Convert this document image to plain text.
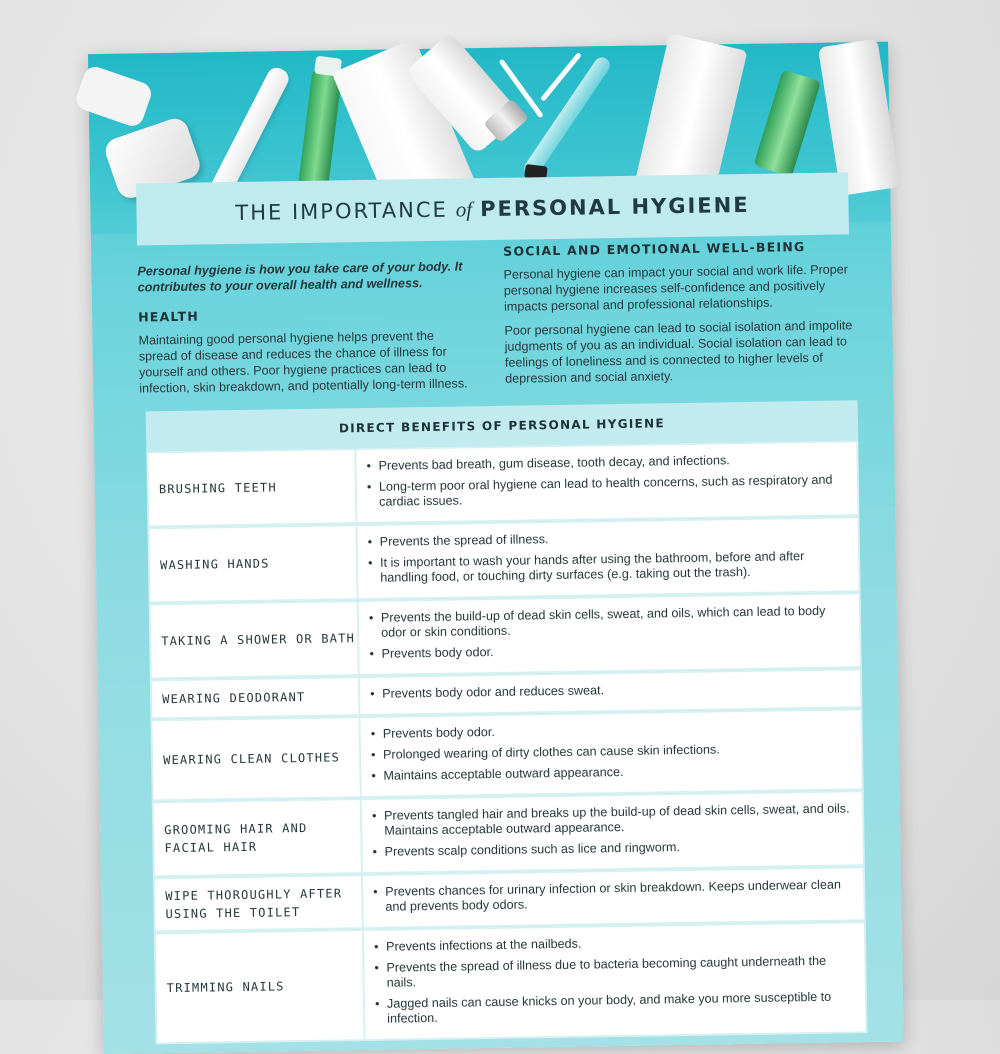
THE IMPORTANCE of PERSONAL HYGIENE

Personal hygiene is how you take care of your body. It contributes to your overall health and wellness.

HEALTH

Maintaining good personal hygiene helps prevent the spread of disease and reduces the chance of illness for yourself and others. Poor hygiene practices can lead to infection, skin breakdown, and potentially long-term illness.

SOCIAL AND EMOTIONAL WELL-BEING

Personal hygiene can impact your social and work life. Proper personal hygiene increases self-confidence and positively impacts personal and professional relationships.

Poor personal hygiene can lead to social isolation and impolite judgments of you as an individual. Social isolation can lead to feelings of loneliness and is connected to higher levels of depression and social anxiety.

DIRECT BENEFITS OF PERSONAL HYGIENE
BRUSHING TEETH
• Prevents bad breath, gum disease, tooth decay, and infections.
• Long-term poor oral hygiene can lead to health concerns, such as respiratory and cardiac issues.
WASHING HANDS
• Prevents the spread of illness.
• It is important to wash your hands after using the bathroom, before and after handling food, or touching dirty surfaces (e.g. taking out the trash).
TAKING A SHOWER OR BATH
• Prevents the build-up of dead skin cells, sweat, and oils, which can lead to body odor or skin conditions.
• Prevents body odor.
WEARING DEODORANT
•	Prevents body odor and reduces sweat.
WEARING CLEAN CLOTHES
• Prevents body odor.
• Prolonged wearing of dirty clothes can cause skin infections.
• Maintains acceptable outward appearance.
GROOMING HAIR AND FACIAL HAIR
• Prevents tangled hair and breaks up the build-up of dead skin cells, sweat, and oils. Maintains acceptable outward appearance.
• Prevents scalp conditions such as lice and ringworm.
WIPE THOROUGHLY AFTER USING THE TOILET
• Prevents chances for urinary infection or skin breakdown. Keeps underwear clean and prevents body odors.
TRIMMING NAILS
• Prevents infections at the nailbeds.
• Prevents the spread of illness due to bacteria becoming caught underneath the nails.
• Jagged nails can cause knicks on your body, and make you more susceptible to infection.
